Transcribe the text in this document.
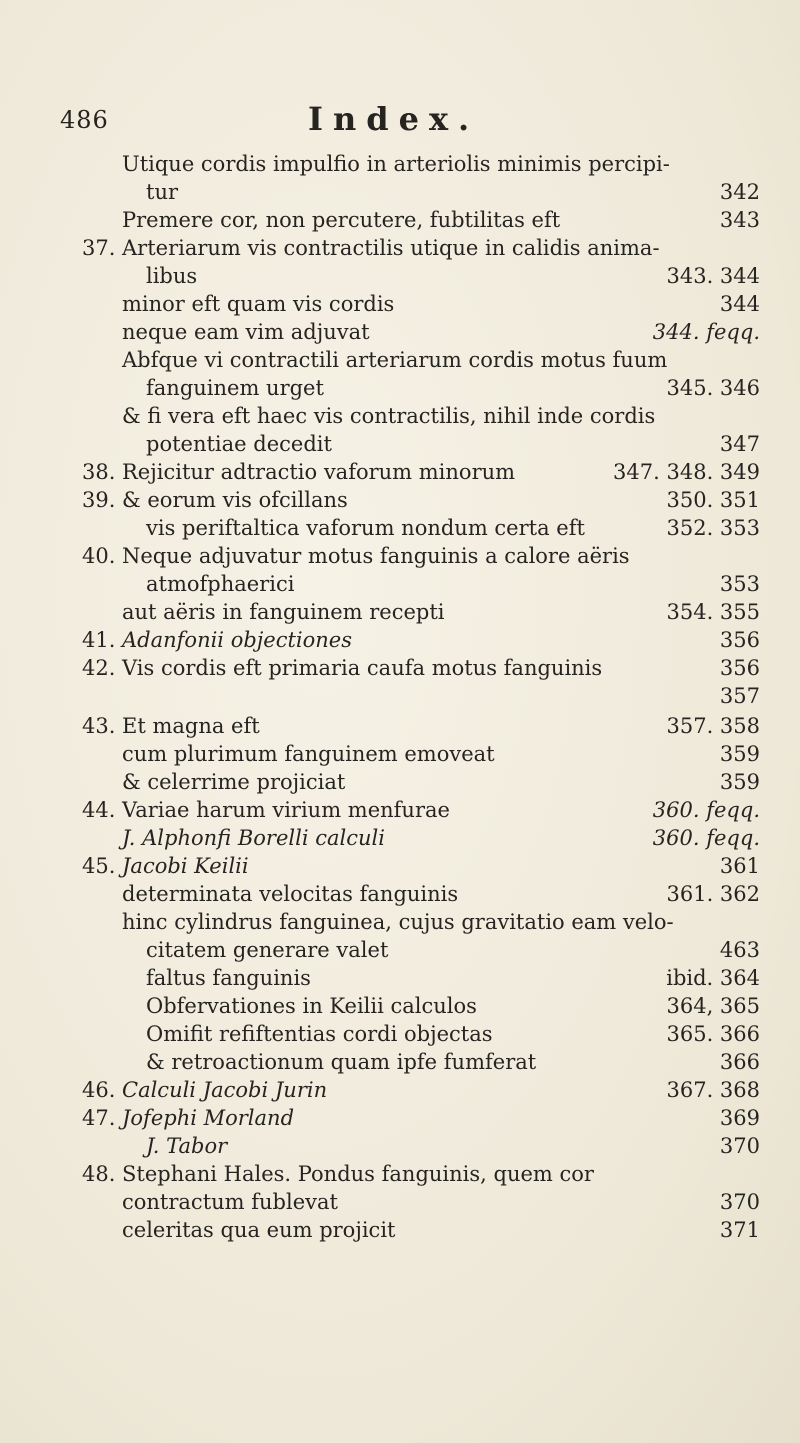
486	Index.
Utique cordis impulfio in arteriolis minimis percipi-
tur	342
Premere cor, non percutere, fubtilitas eft	343
37. Arteriarum vis contractilis utique in calidis anima-
libus	343. 344
minor eft quam vis cordis	344
neque eam vim adjuvat	344. feqq.
Abfque vi contractili arteriarum cordis motus fuum
fanguinem urget	345. 346
& fi vera eft haec vis contractilis, nihil inde cordis
potentiae decedit	347
38. Rejicitur adtractio vaforum minorum	347. 348. 349
39. & eorum vis ofcillans	350. 351
vis periftaltica vaforum nondum certa eft	352. 353
40. Neque adjuvatur motus fanguinis a calore aëris
atmofphaerici	353
aut aëris in fanguinem recepti	354. 355
41. Adanfonii objectiones	356
42. Vis cordis eft primaria caufa motus fanguinis	356
357
43. Et magna eft	357. 358
cum plurimum fanguinem emoveat	359
& celerrime projiciat	359
44. Variae harum virium menfurae	360. feqq.
J. Alphonfi Borelli calculi	360. feqq.
45. Jacobi Keilii	361
determinata velocitas fanguinis	361. 362
hinc cylindrus fanguinea, cujus gravitatio eam velo-
citatem generare valet	463
faltus fanguinis	ibid. 364
Obfervationes in Keilii calculos	364, 365
Omifit refiftentias cordi objectas	365. 366
& retroactionum quam ipfe fumferat	366
46. Calculi Jacobi Jurin	367. 368
47. Jofephi Morland	369
J. Tabor	370
48. Stephani Hales. Pondus fanguinis, quem cor
contractum fublevat	370
celeritas qua eum projicit	371
